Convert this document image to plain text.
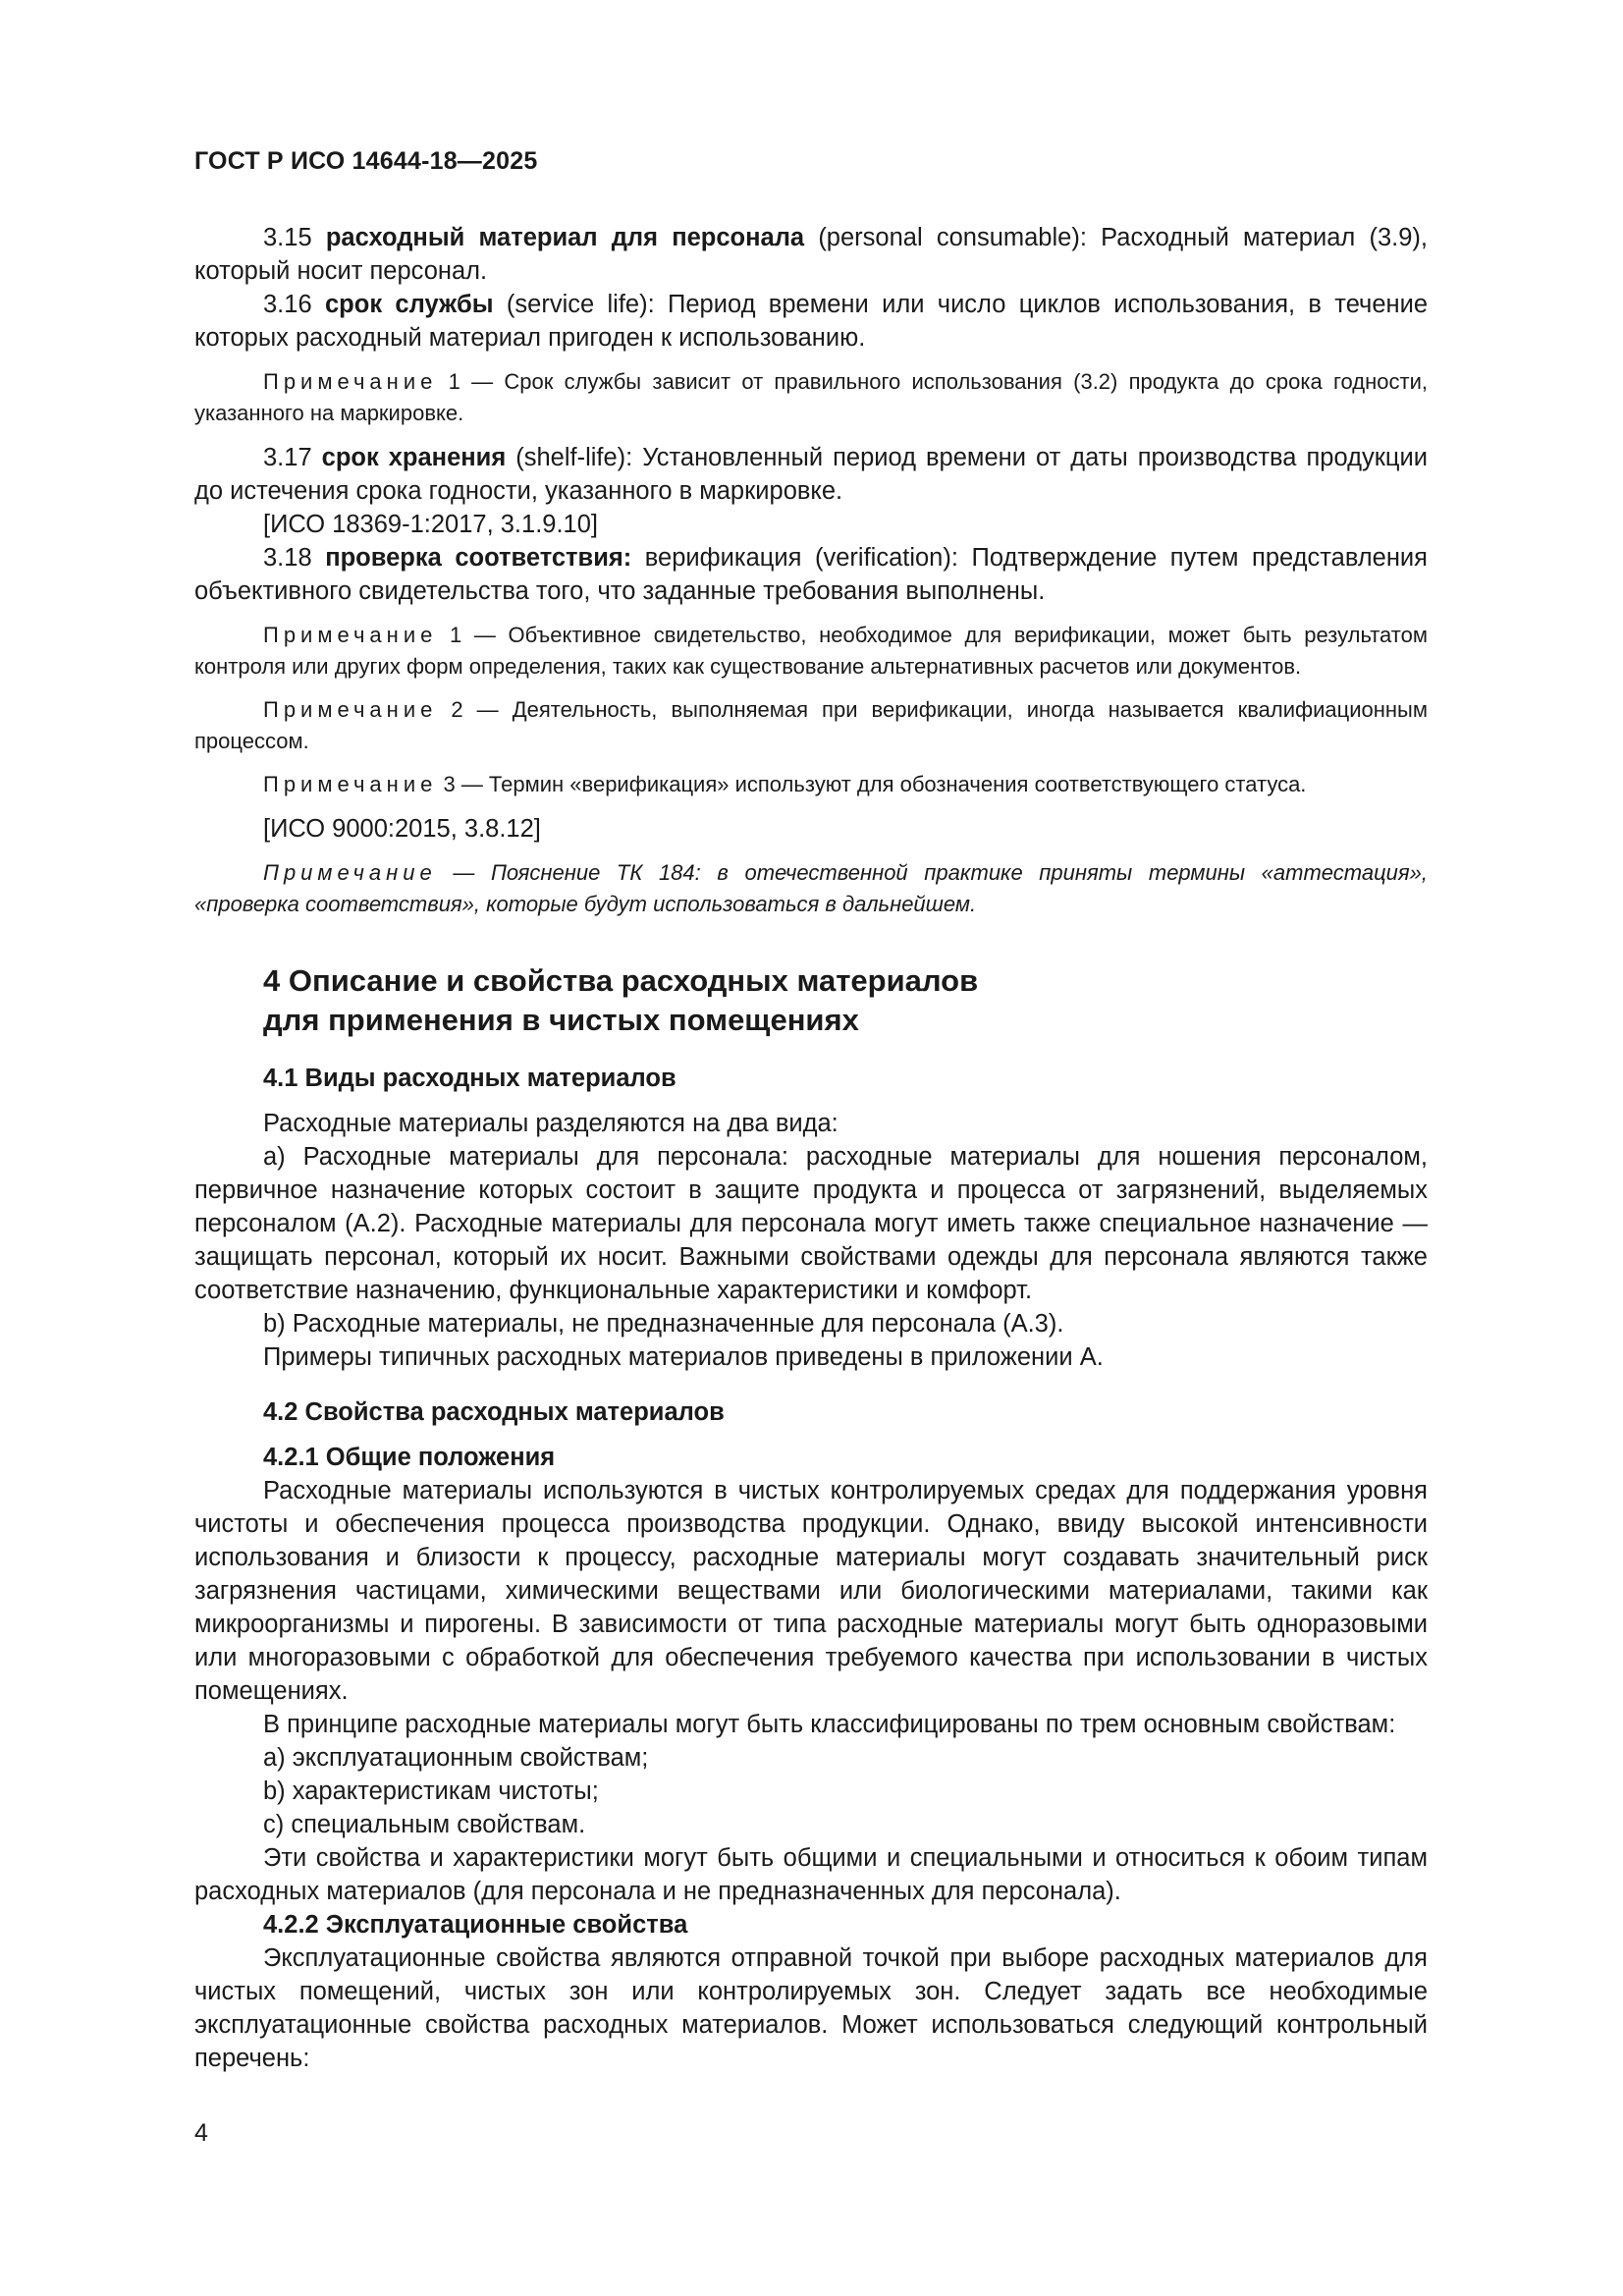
ГОСТ Р ИСО 14644-18—2025

3.15 расходный материал для персонала (personal consumable): Расходный материал (3.9), который носит персонал.

3.16 срок службы (service life): Период времени или число циклов использования, в течение которых расходный материал пригоден к использованию.

Примечание 1 — Срок службы зависит от правильного использования (3.2) продукта до срока годности, указанного на маркировке.

3.17 срок хранения (shelf-life): Установленный период времени от даты производства продукции до истечения срока годности, указанного в маркировке.

[ИСО 18369-1:2017, 3.1.9.10]

3.18 проверка соответствия: верификация (verification): Подтверждение путем представления объективного свидетельства того, что заданные требования выполнены.

Примечание 1 — Объективное свидетельство, необходимое для верификации, может быть результатом контроля или других форм определения, таких как существование альтернативных расчетов или документов.

Примечание 2 — Деятельность, выполняемая при верификации, иногда называется квалифиационным процессом.

Примечание 3 — Термин «верификация» используют для обозначения соответствующего статуса.

[ИСО 9000:2015, 3.8.12]

Примечание — Пояснение ТК 184: в отечественной практике приняты термины «аттестация», «проверка соответствия», которые будут использоваться в дальнейшем.

4 Описание и свойства расходных материалов
для применения в чистых помещениях

4.1 Виды расходных материалов

Расходные материалы разделяются на два вида:

a) Расходные материалы для персонала: расходные материалы для ношения персоналом, первичное назначение которых состоит в защите продукта и процесса от загрязнений, выделяемых персоналом (А.2). Расходные материалы для персонала могут иметь также специальное назначение — защищать персонал, который их носит. Важными свойствами одежды для персонала являются также соответствие назначению, функциональные характеристики и комфорт.

b) Расходные материалы, не предназначенные для персонала (А.3).

Примеры типичных расходных материалов приведены в приложении А.

4.2 Свойства расходных материалов

4.2.1 Общие положения

Расходные материалы используются в чистых контролируемых средах для поддержания уровня чистоты и обеспечения процесса производства продукции. Однако, ввиду высокой интенсивности использования и близости к процессу, расходные материалы могут создавать значительный риск загрязнения частицами, химическими веществами или биологическими материалами, такими как микроорганизмы и пирогены. В зависимости от типа расходные материалы могут быть одноразовыми или многоразовыми с обработкой для обеспечения требуемого качества при использовании в чистых помещениях.

В принципе расходные материалы могут быть классифицированы по трем основным свойствам:

a) эксплуатационным свойствам;

b) характеристикам чистоты;

c) специальным свойствам.

Эти свойства и характеристики могут быть общими и специальными и относиться к обоим типам расходных материалов (для персонала и не предназначенных для персонала).

4.2.2 Эксплуатационные свойства

Эксплуатационные свойства являются отправной точкой при выборе расходных материалов для чистых помещений, чистых зон или контролируемых зон. Следует задать все необходимые эксплуатационные свойства расходных материалов. Может использоваться следующий контрольный перечень:

4
